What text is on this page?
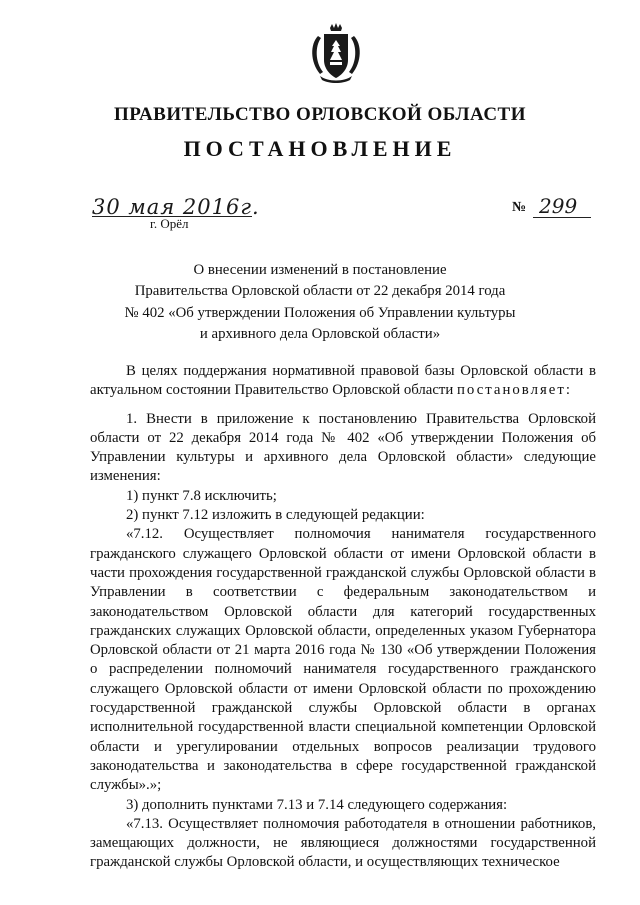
ПРАВИТЕЛЬСТВО ОРЛОВСКОЙ ОБЛАСТИ
ПОСТАНОВЛЕНИЕ
30 мая 2016г.
г. Орёл
№ 299
О внесении изменений в постановление
Правительства Орловской области от 22 декабря 2014 года
№ 402 «Об утверждении Положения об Управлении культуры
и архивного дела Орловской области»

В целях поддержания нормативной правовой базы Орловской области в актуальном состоянии Правительство Орловской области постановляет:

1. Внести в приложение к постановлению Правительства Орловской области от 22 декабря 2014 года № 402 «Об утверждении Положения об Управлении культуры и архивного дела Орловской области» следующие изменения:

1) пункт 7.8 исключить;

2) пункт 7.12 изложить в следующей редакции:

«7.12. Осуществляет полномочия нанимателя государственного гражданского служащего Орловской области от имени Орловской области в части прохождения государственной гражданской службы Орловской области в Управлении в соответствии с федеральным законодательством и законодательством Орловской области для категорий государственных гражданских служащих Орловской области, определенных указом Губернатора Орловской области от 21 марта 2016 года № 130 «Об утверждении Положения о распределении полномочий нанимателя государственного гражданского служащего Орловской области от имени Орловской области по прохождению государственной гражданской службы Орловской области в органах исполнительной государственной власти специальной компетенции Орловской области и урегулировании отдельных вопросов реализации трудового законодательства и законодательства в сфере государственной гражданской службы».»;

3) дополнить пунктами 7.13 и 7.14 следующего содержания:

«7.13. Осуществляет полномочия работодателя в отношении работников, замещающих должности, не являющиеся должностями государственной гражданской службы Орловской области, и осуществляющих техническое
